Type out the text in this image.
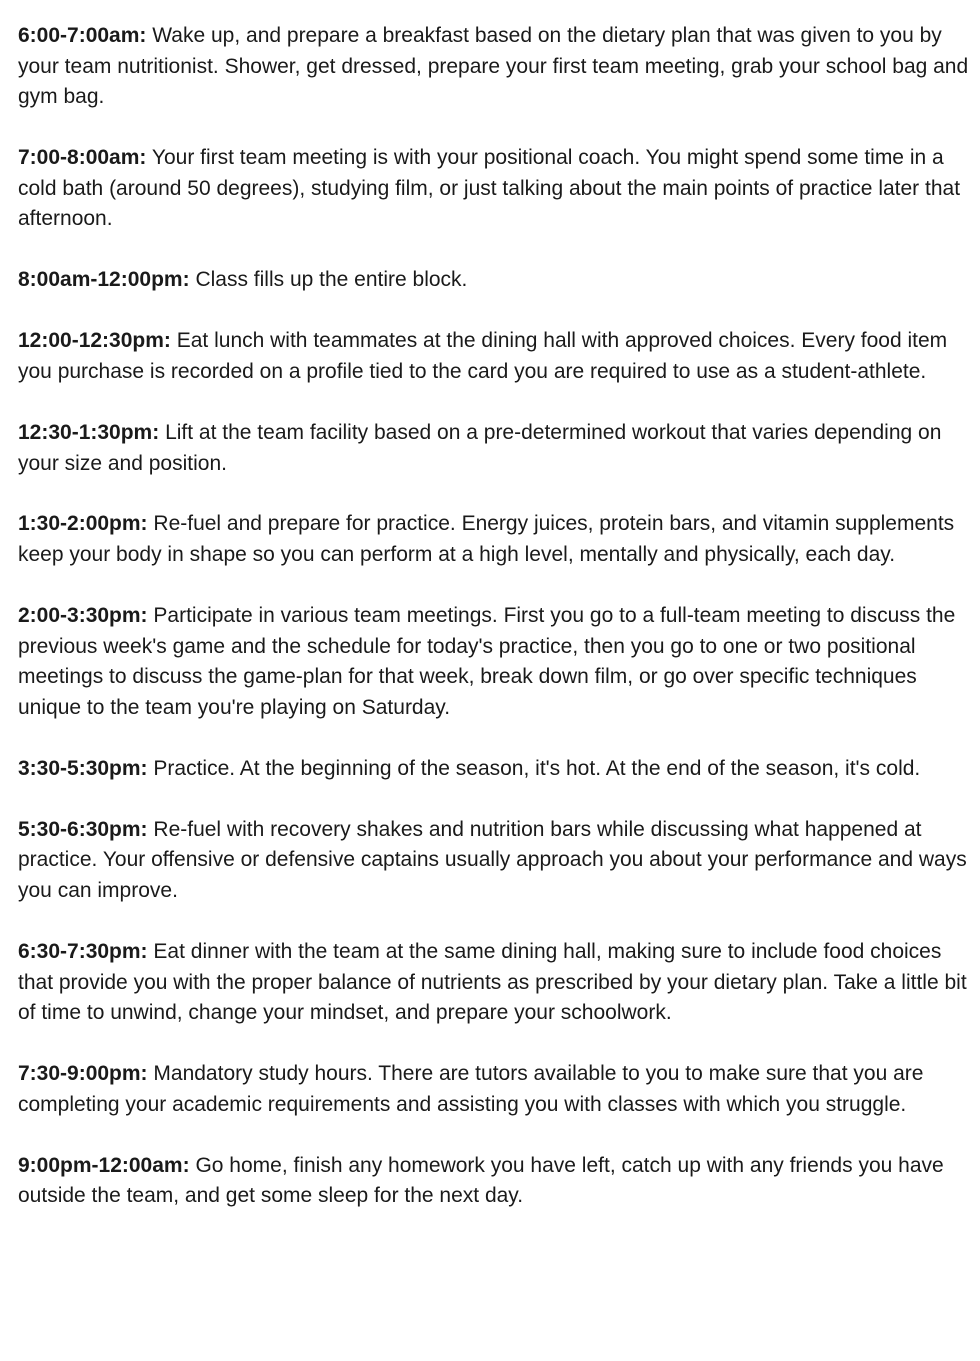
6:00-7:00am: Wake up, and prepare a breakfast based on the dietary plan that was given to you by your team nutritionist. Shower, get dressed, prepare your first team meeting, grab your school bag and gym bag.

7:00-8:00am: Your first team meeting is with your positional coach. You might spend some time in a cold bath (around 50 degrees), studying film, or just talking about the main points of practice later that afternoon.

8:00am-12:00pm: Class fills up the entire block.

12:00-12:30pm: Eat lunch with teammates at the dining hall with approved choices. Every food item you purchase is recorded on a profile tied to the card you are required to use as a student-athlete.

12:30-1:30pm: Lift at the team facility based on a pre-determined workout that varies depending on your size and position.

1:30-2:00pm: Re-fuel and prepare for practice. Energy juices, protein bars, and vitamin supplements keep your body in shape so you can perform at a high level, mentally and physically, each day.

2:00-3:30pm: Participate in various team meetings. First you go to a full-team meeting to discuss the previous week's game and the schedule for today's practice, then you go to one or two positional meetings to discuss the game-plan for that week, break down film, or go over specific techniques unique to the team you're playing on Saturday.

3:30-5:30pm: Practice. At the beginning of the season, it's hot. At the end of the season, it's cold.

5:30-6:30pm: Re-fuel with recovery shakes and nutrition bars while discussing what happened at practice. Your offensive or defensive captains usually approach you about your performance and ways you can improve.

6:30-7:30pm: Eat dinner with the team at the same dining hall, making sure to include food choices that provide you with the proper balance of nutrients as prescribed by your dietary plan. Take a little bit of time to unwind, change your mindset, and prepare your schoolwork.

7:30-9:00pm: Mandatory study hours. There are tutors available to you to make sure that you are completing your academic requirements and assisting you with classes with which you struggle.

9:00pm-12:00am: Go home, finish any homework you have left, catch up with any friends you have outside the team, and get some sleep for the next day.
